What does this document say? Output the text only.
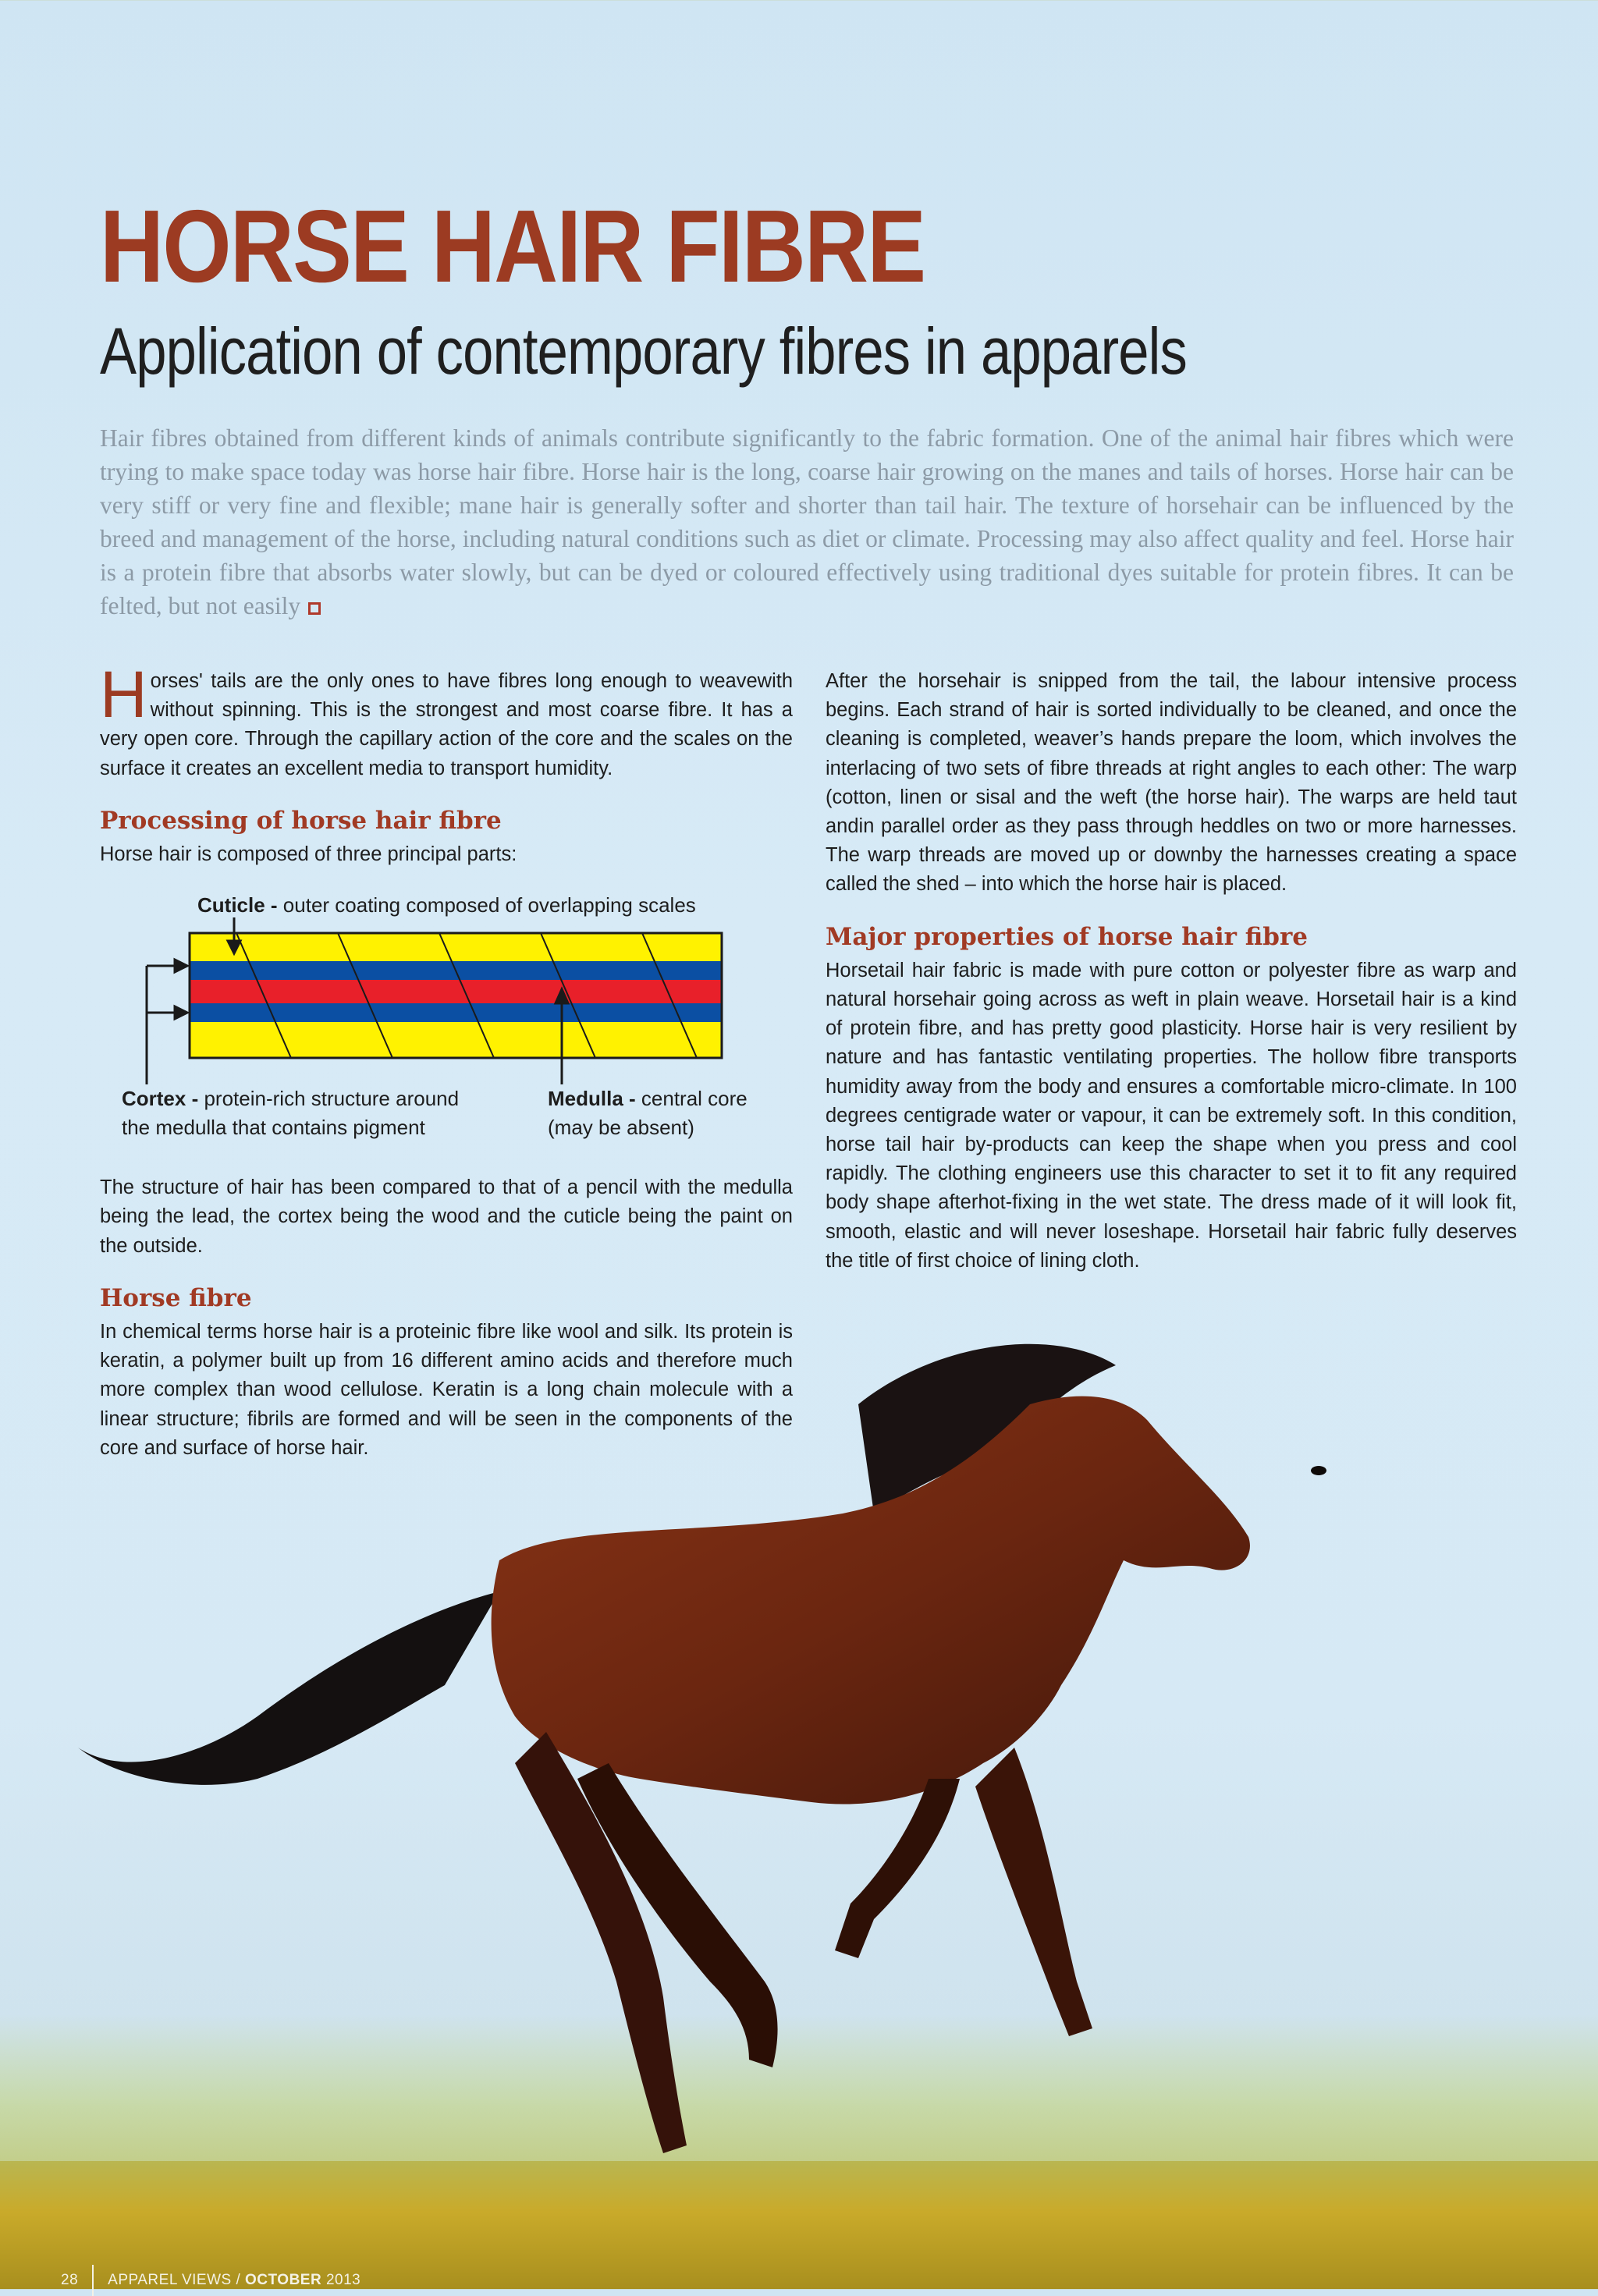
HORSE HAIR FIBRE
Application of contemporary fibres in apparels

Hair fibres obtained from different kinds of animals contribute significantly to the fabric formation. One of the animal hair fibres which were trying to make space today was horse hair fibre. Horse hair is the long, coarse hair growing on the manes and tails of horses. Horse hair can be very stiff or very fine and flexible; mane hair is generally softer and shorter than tail hair. The texture of horsehair can be influenced by the breed and management of the horse, including natural conditions such as diet or climate. Processing may also affect quality and feel. Horse hair is a protein fibre that absorbs water slowly, but can be dyed or coloured effectively using traditional dyes suitable for protein fibres. It can be felted, but not easily

Horses' tails are the only ones to have fibres long enough to weavewith without spinning. This is the strongest and most coarse fibre. It has a very open core. Through the capillary action of the core and the scales on the surface it creates an excellent media to transport humidity.

Processing of horse hair fibre

Horse hair is composed of three principal parts:

Cuticle - outer coating composed of overlapping scales
Cortex - protein-rich structure around the medulla that contains pigment
Medulla - central core (may be absent)

The structure of hair has been compared to that of a pencil with the medulla being the lead, the cortex being the wood and the cuticle being the paint on the outside.

Horse fibre

In chemical terms horse hair is a proteinic fibre like wool and silk. Its protein is keratin, a polymer built up from 16 different amino acids and therefore much more complex than wood cellulose. Keratin is a long chain molecule with a linear structure; fibrils are formed and will be seen in the components of the core and surface of horse hair.

After the horsehair is snipped from the tail, the labour intensive process begins. Each strand of hair is sorted individually to be cleaned, and once the cleaning is completed, weaver’s hands prepare the loom, which involves the interlacing of two sets of fibre threads at right angles to each other: The warp (cotton, linen or sisal and the weft (the horse hair). The warps are held taut andin parallel order as they pass through heddles on two or more harnesses. The warp threads are moved up or downby the harnesses creating a space called the shed – into which the horse hair is placed.

Major properties of horse hair fibre

Horsetail hair fabric is made with pure cotton or polyester fibre as warp and natural horsehair going across as weft in plain weave. Horsetail hair is a kind of protein fibre, and has pretty good plasticity. Horse hair is very resilient by nature and has fantastic ventilating properties. The hollow fibre transports humidity away from the body and ensures a comfortable micro-climate. In 100 degrees centigrade water or vapour, it can be extremely soft. In this condition, horse tail hair by-products can keep the shape when you press and cool rapidly. The clothing engineers use this character to set it to fit any required body shape afterhot-fixing in the wet state. The dress made of it will look fit, smooth, elastic and will never loseshape. Horsetail hair fabric fully deserves the title of first choice of lining cloth.

28 APPAREL VIEWS / OCTOBER 2013
